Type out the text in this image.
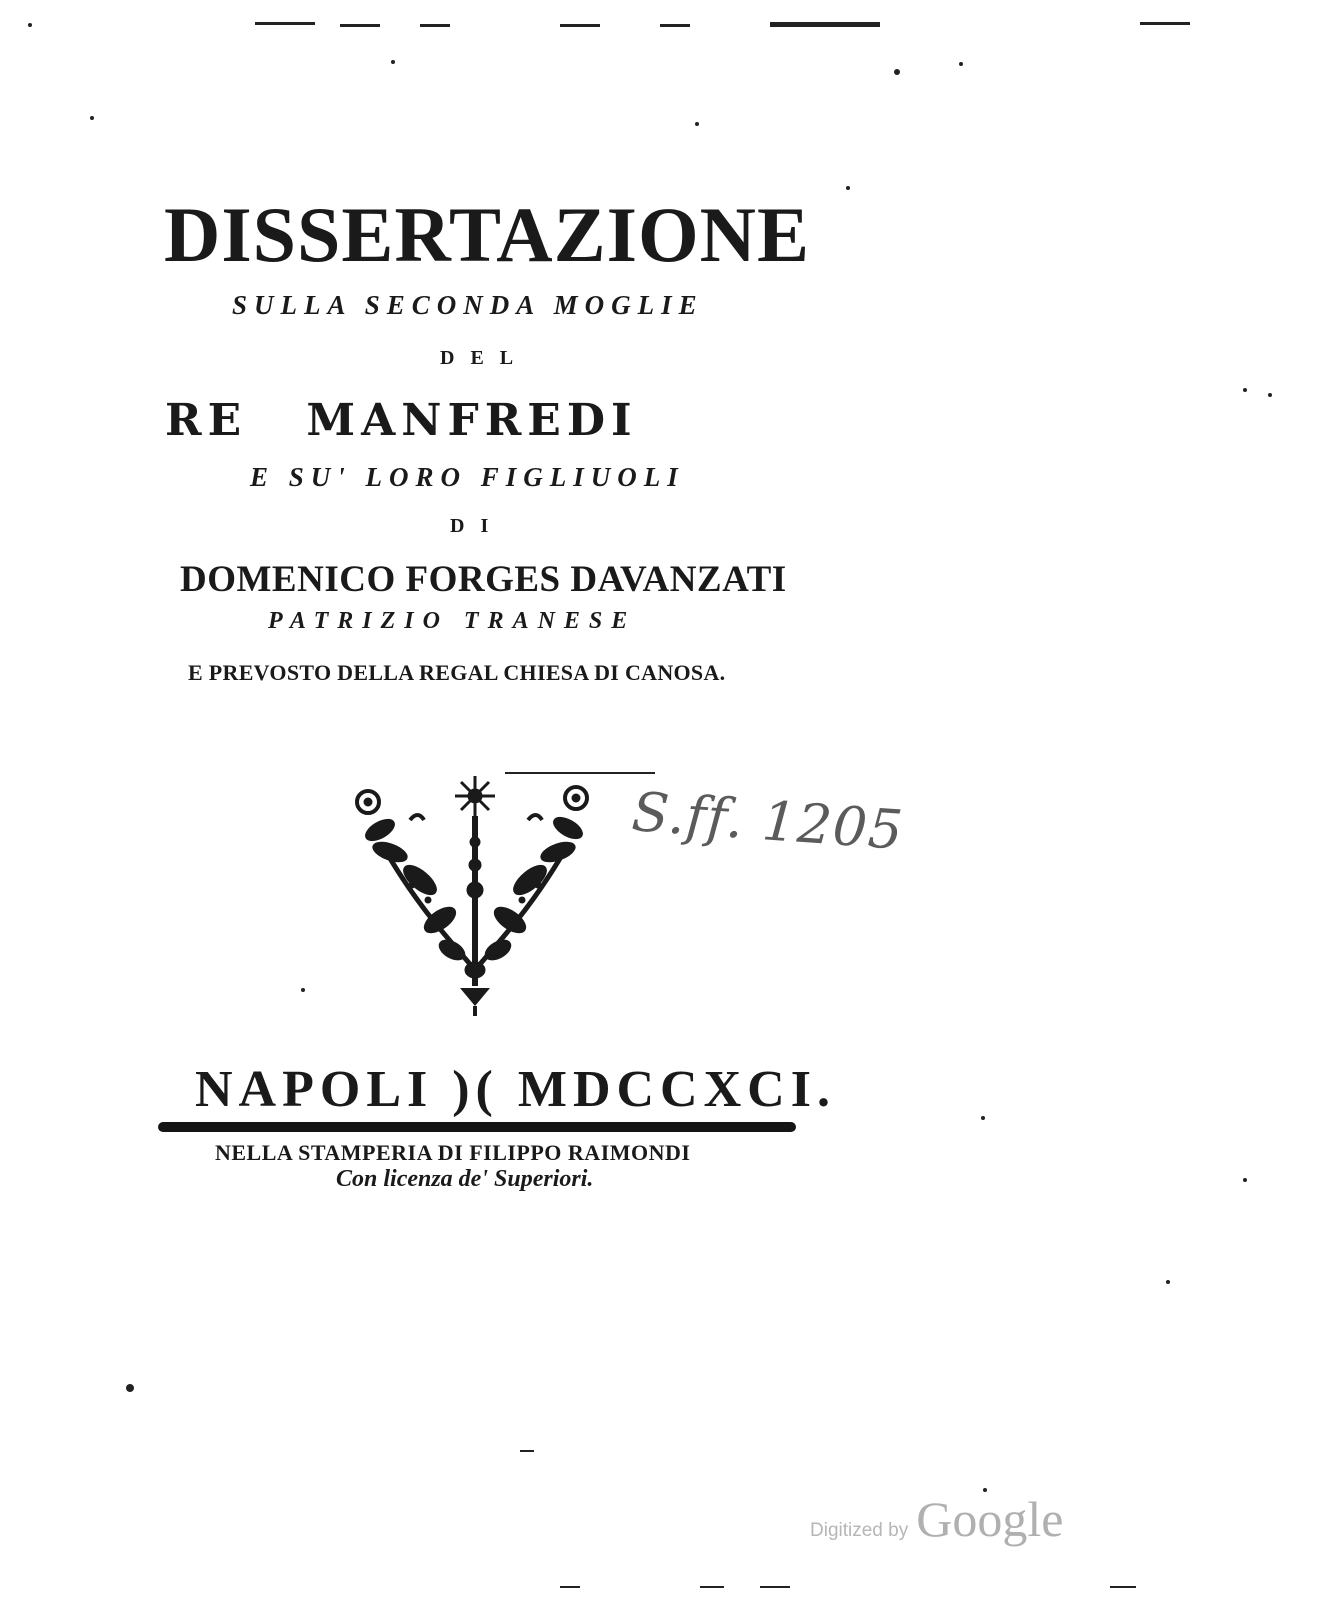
DISSERTAZIONE
SULLA SECONDA MOGLIE
DEL
RE MANFREDI
E SU' LORO FIGLIUOLI
DI
DOMENICO FORGES DAVANZATI
PATRIZIO TRANESE
E PREVOSTO DELLA REGAL CHIESA DI CANOSA.
S.ff. 1205
NAPOLI )( MDCCXCI.
NELLA STAMPERIA DI FILIPPO RAIMONDI
Con licenza de' Superiori.
Digitized by Google
